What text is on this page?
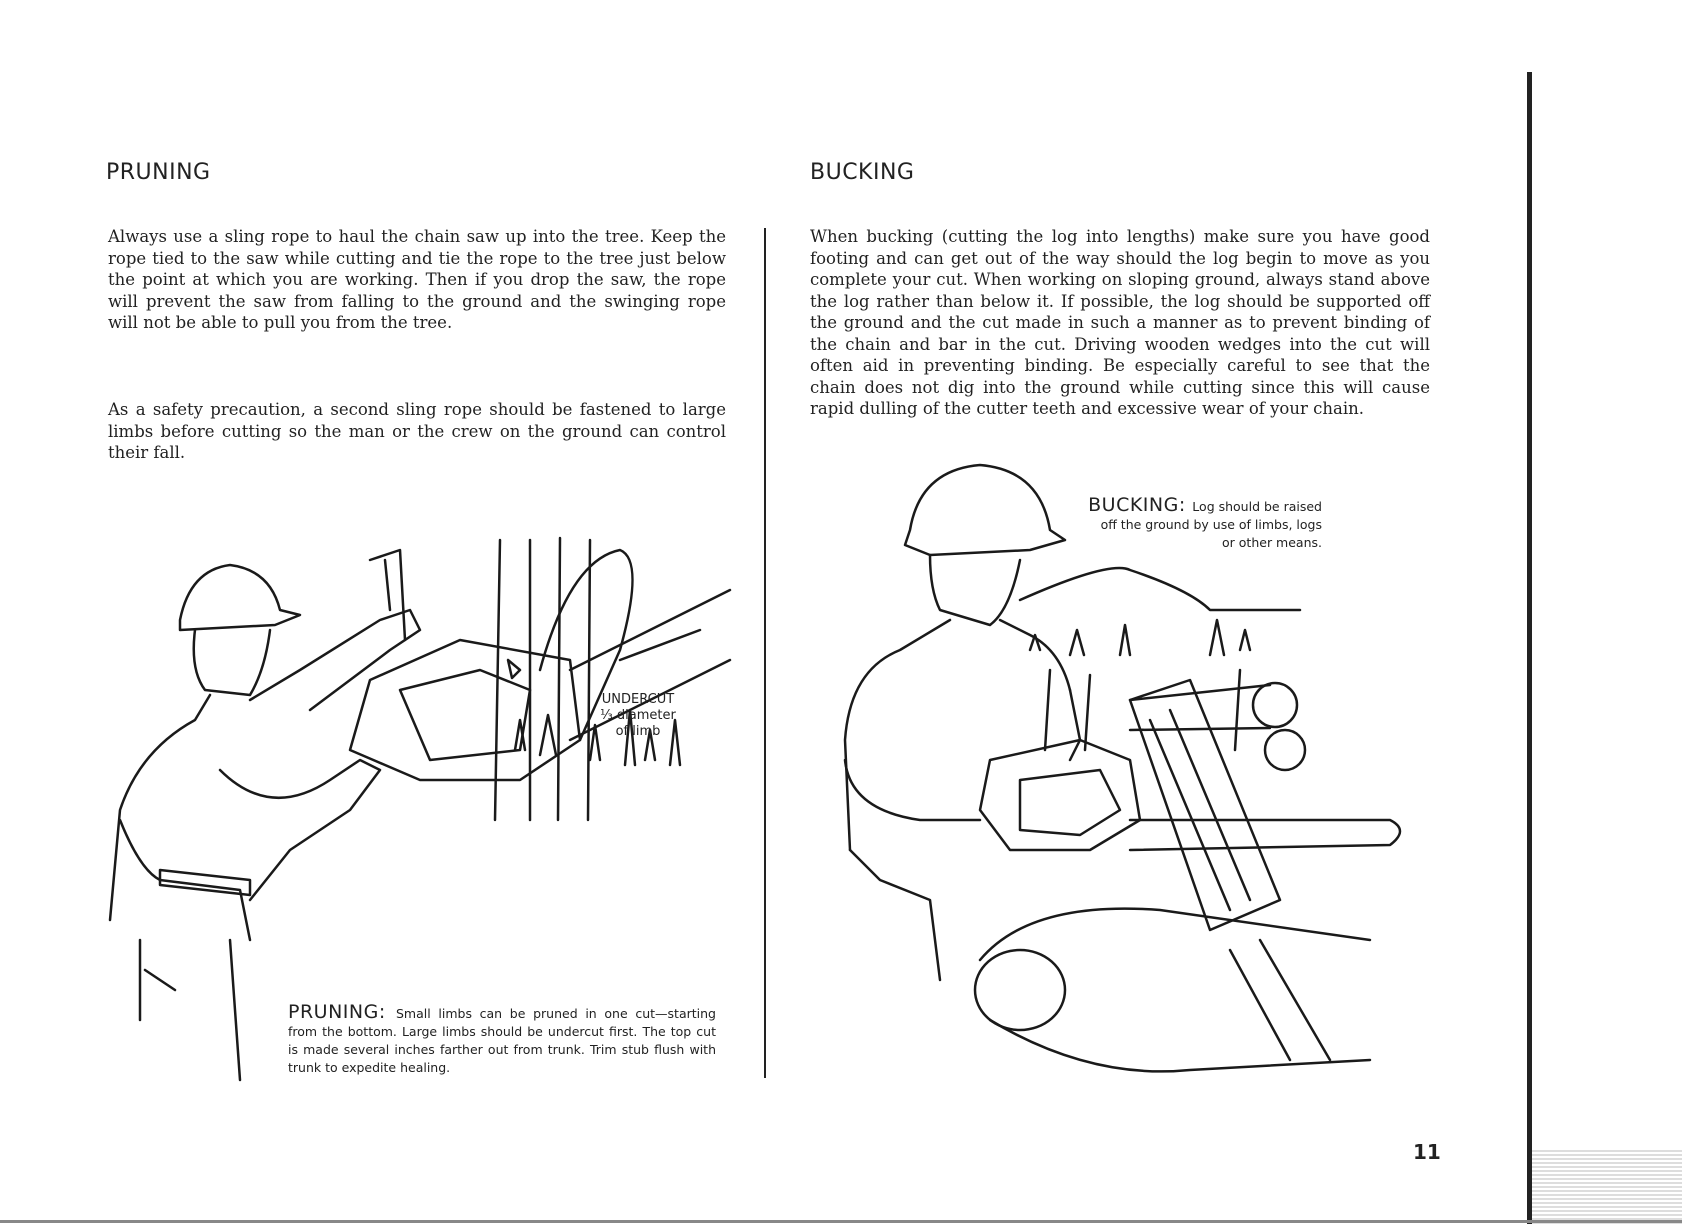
PRUNING	BUCKING
Always use a sling rope to haul the chain saw up into the tree. Keep the rope tied to the saw while cutting and tie the rope to the tree just below the point at which you are working. Then if you drop the saw, the rope will prevent the saw from falling to the ground and the swinging rope will not be able to pull you from the tree.
As a safety precaution, a second sling rope should be fastened to large limbs before cutting so the man or the crew on the ground can control their fall.
When bucking (cutting the log into lengths) make sure you have good footing and can get out of the way should the log begin to move as you complete your cut. When working on sloping ground, always stand above the log rather than below it. If possible, the log should be supported off the ground and the cut made in such a manner as to prevent binding of the chain and bar in the cut. Driving wooden wedges into the cut will often aid in preventing binding. Be especially careful to see that the chain does not dig into the ground while cutting since this will cause rapid dulling of the cutter teeth and excessive wear of your chain.
UNDERCUT
⅓ diameter
of limb
PRUNING: Small limbs can be pruned in one cut—starting from the bottom. Large limbs should be undercut first. The top cut is made several inches farther out from trunk. Trim stub flush with trunk to expedite healing.
BUCKING: Log should be raised off the ground by use of limbs, logs or other means.
11
